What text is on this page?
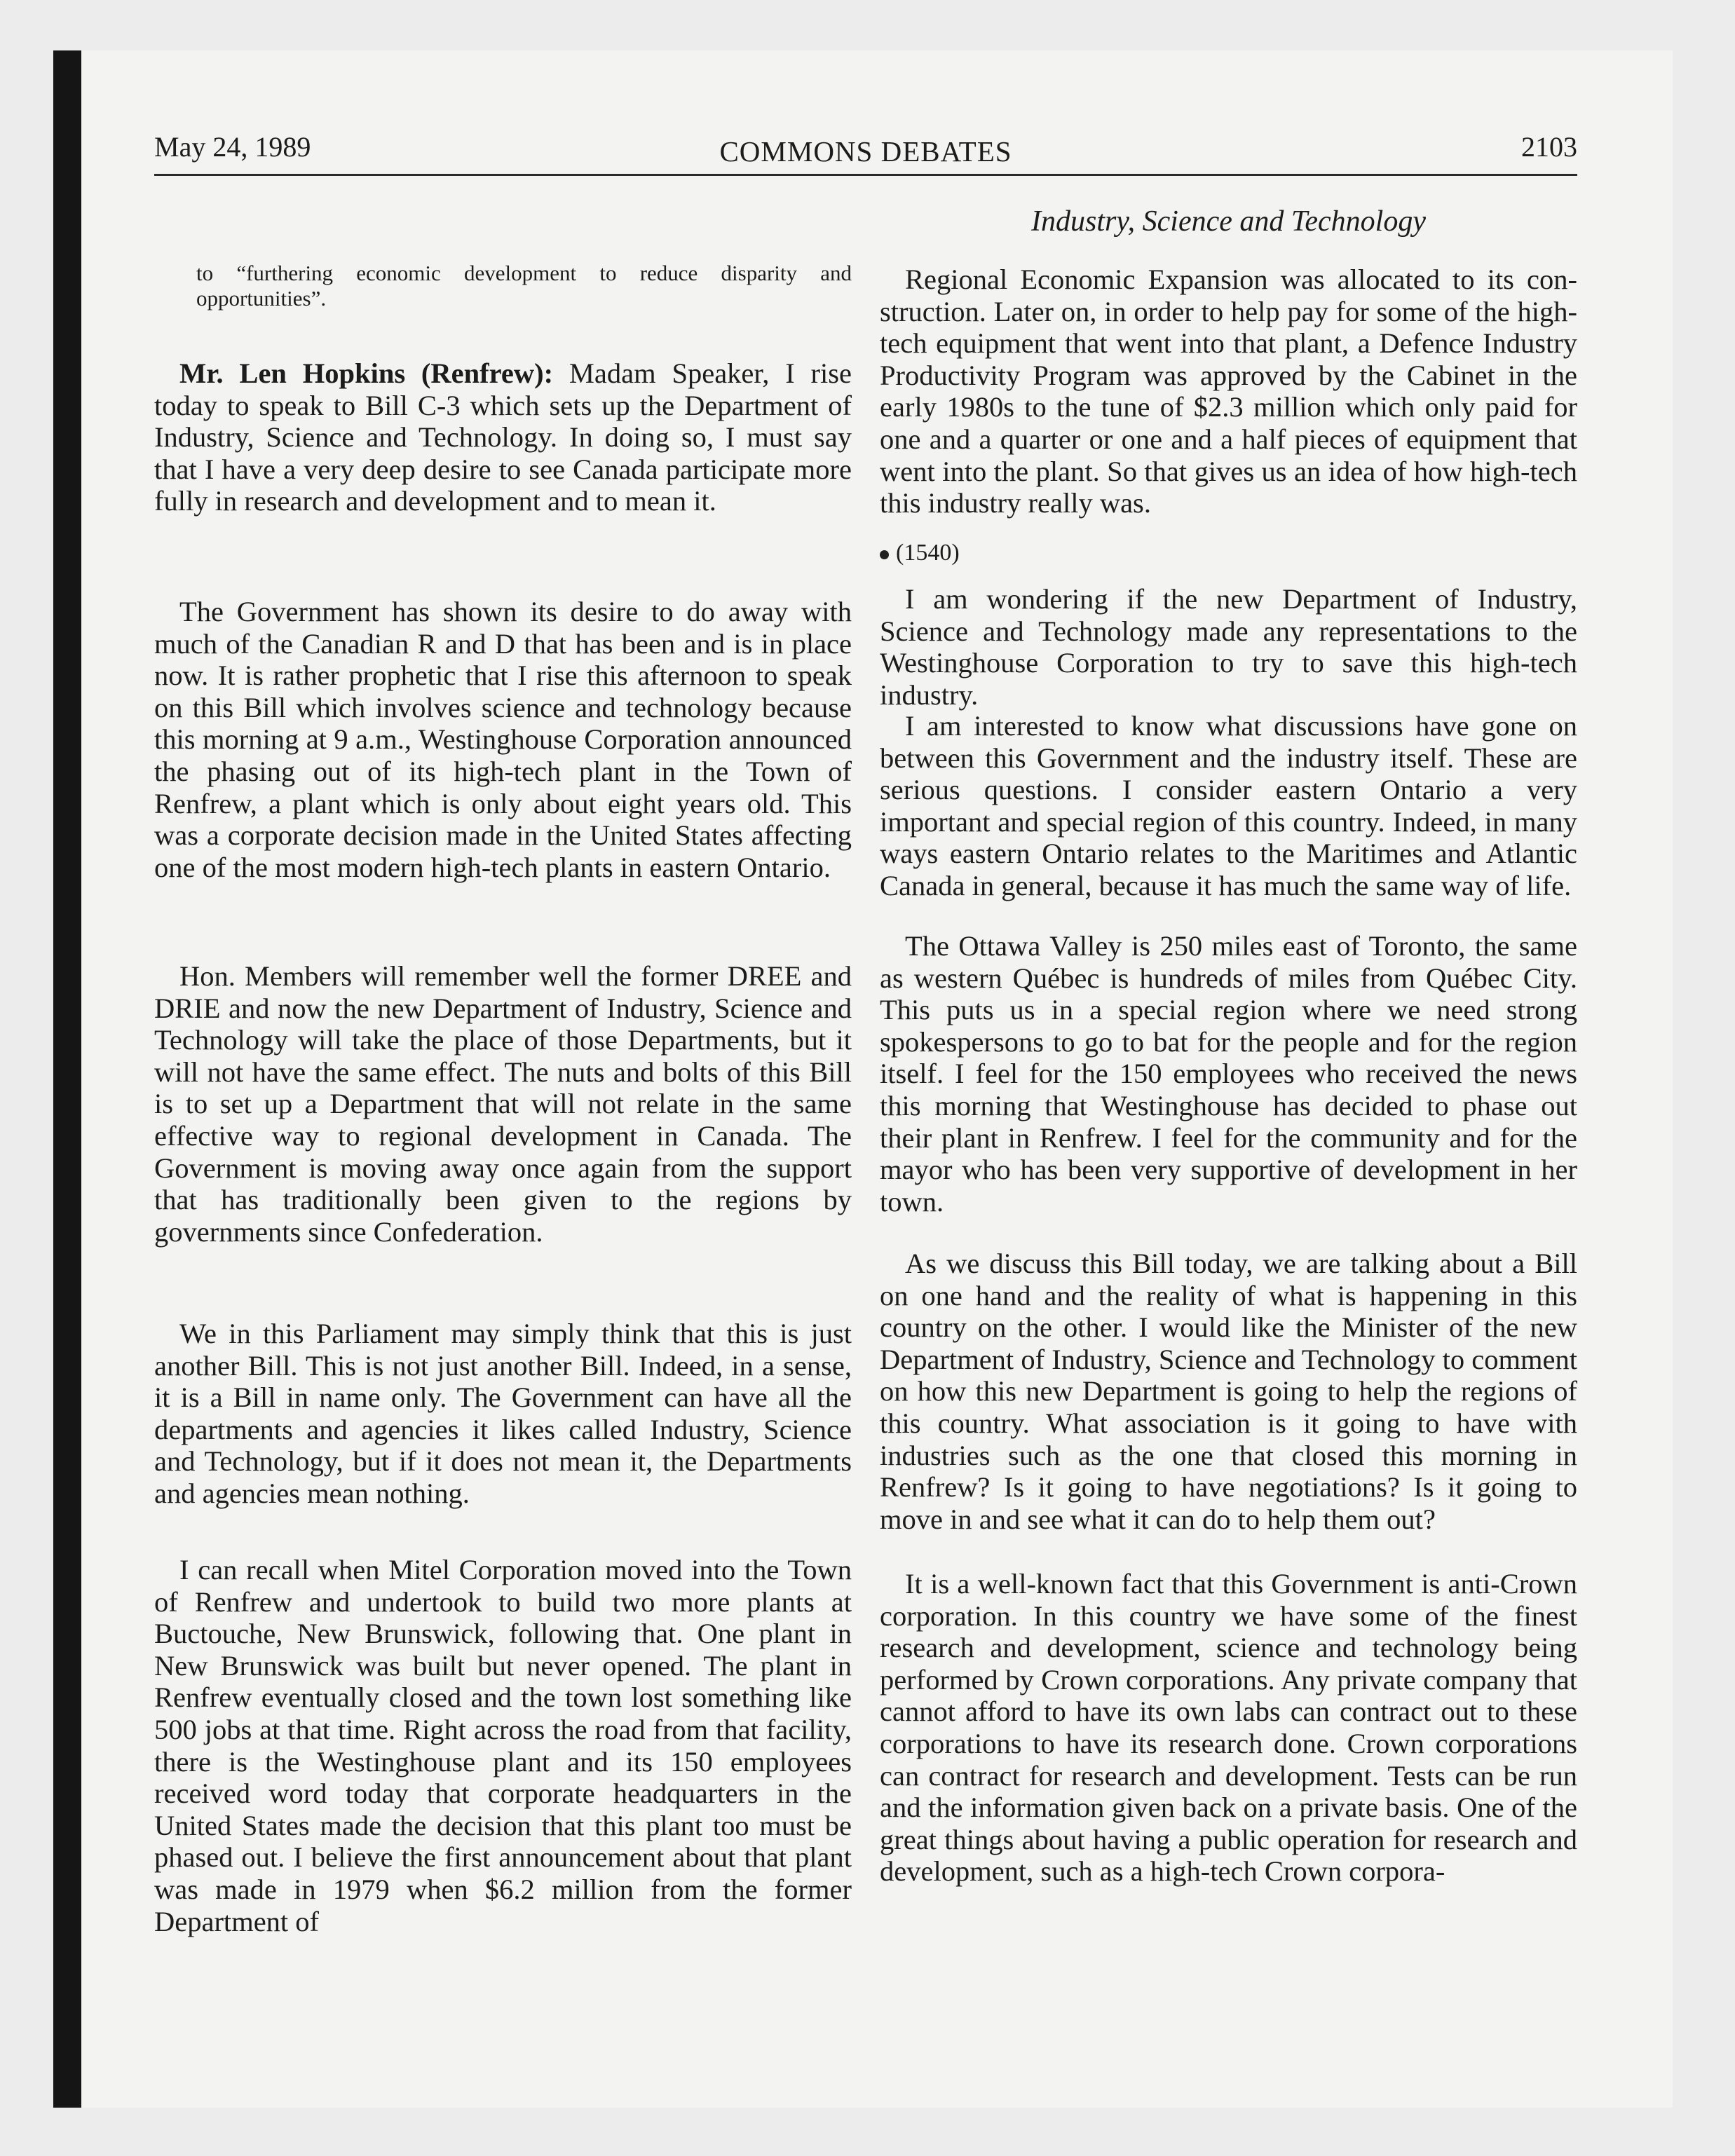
May 24, 1989	COMMONS DEBATES	2103
Industry, Science and Technology

to “furthering economic development to reduce disparity and opportunities”.

Mr. Len Hopkins (Renfrew): Madam Speaker, I rise today to speak to Bill C-3 which sets up the Department of Industry, Science and Technology. In doing so, I must say that I have a very deep desire to see Canada participate more fully in research and development and to mean it.

The Government has shown its desire to do away with much of the Canadian R and D that has been and is in place now. It is rather prophetic that I rise this afternoon to speak on this Bill which involves science and technology because this morning at 9 a.m., Westinghouse Corporation announced the phasing out of its high-tech plant in the Town of Renfrew, a plant which is only about eight years old. This was a corporate decision made in the United States affecting one of the most modern high-tech plants in eastern Ontario.

Hon. Members will remember well the former DREE and DRIE and now the new Department of Industry, Science and Technology will take the place of those Departments, but it will not have the same effect. The nuts and bolts of this Bill is to set up a Department that will not relate in the same effective way to regional development in Canada. The Government is moving away once again from the support that has traditionally been given to the regions by governments since Confederation.

We in this Parliament may simply think that this is just another Bill. This is not just another Bill. Indeed, in a sense, it is a Bill in name only. The Government can have all the departments and agencies it likes called Industry, Science and Technology, but if it does not mean it, the Departments and agencies mean nothing.

I can recall when Mitel Corporation moved into the Town of Renfrew and undertook to build two more plants at Buctouche, New Brunswick, following that. One plant in New Brunswick was built but never opened. The plant in Renfrew eventually closed and the town lost something like 500 jobs at that time. Right across the road from that facility, there is the Westinghouse plant and its 150 employees received word today that corporate headquarters in the United States made the decision that this plant too must be phased out. I believe the first announcement about that plant was made in 1979 when $6.2 million from the former Department of

Regional Economic Expansion was allocated to its construction. Later on, in order to help pay for some of the high-tech equipment that went into that plant, a Defence Industry Productivity Program was approved by the Cabinet in the early 1980s to the tune of $2.3 million which only paid for one and a quarter or one and a half pieces of equipment that went into the plant. So that gives us an idea of how high-tech this industry really was.

(1540)

I am wondering if the new Department of Industry, Science and Technology made any representations to the Westinghouse Corporation to try to save this high-tech industry.

I am interested to know what discussions have gone on between this Government and the industry itself. These are serious questions. I consider eastern Ontario a very important and special region of this country. Indeed, in many ways eastern Ontario relates to the Maritimes and Atlantic Canada in general, because it has much the same way of life.

The Ottawa Valley is 250 miles east of Toronto, the same as western Québec is hundreds of miles from Québec City. This puts us in a special region where we need strong spokespersons to go to bat for the people and for the region itself. I feel for the 150 employees who received the news this morning that Westinghouse has decided to phase out their plant in Renfrew. I feel for the community and for the mayor who has been very supportive of development in her town.

As we discuss this Bill today, we are talking about a Bill on one hand and the reality of what is happening in this country on the other. I would like the Minister of the new Department of Industry, Science and Technology to comment on how this new Department is going to help the regions of this country. What association is it going to have with industries such as the one that closed this morning in Renfrew? Is it going to have negotiations? Is it going to move in and see what it can do to help them out?

It is a well-known fact that this Government is anti-Crown corporation. In this country we have some of the finest research and development, science and technology being performed by Crown corporations. Any private company that cannot afford to have its own labs can contract out to these corporations to have its research done. Crown corporations can contract for research and development. Tests can be run and the information given back on a private basis. One of the great things about having a public operation for research and development, such as a high-tech Crown corpora-
